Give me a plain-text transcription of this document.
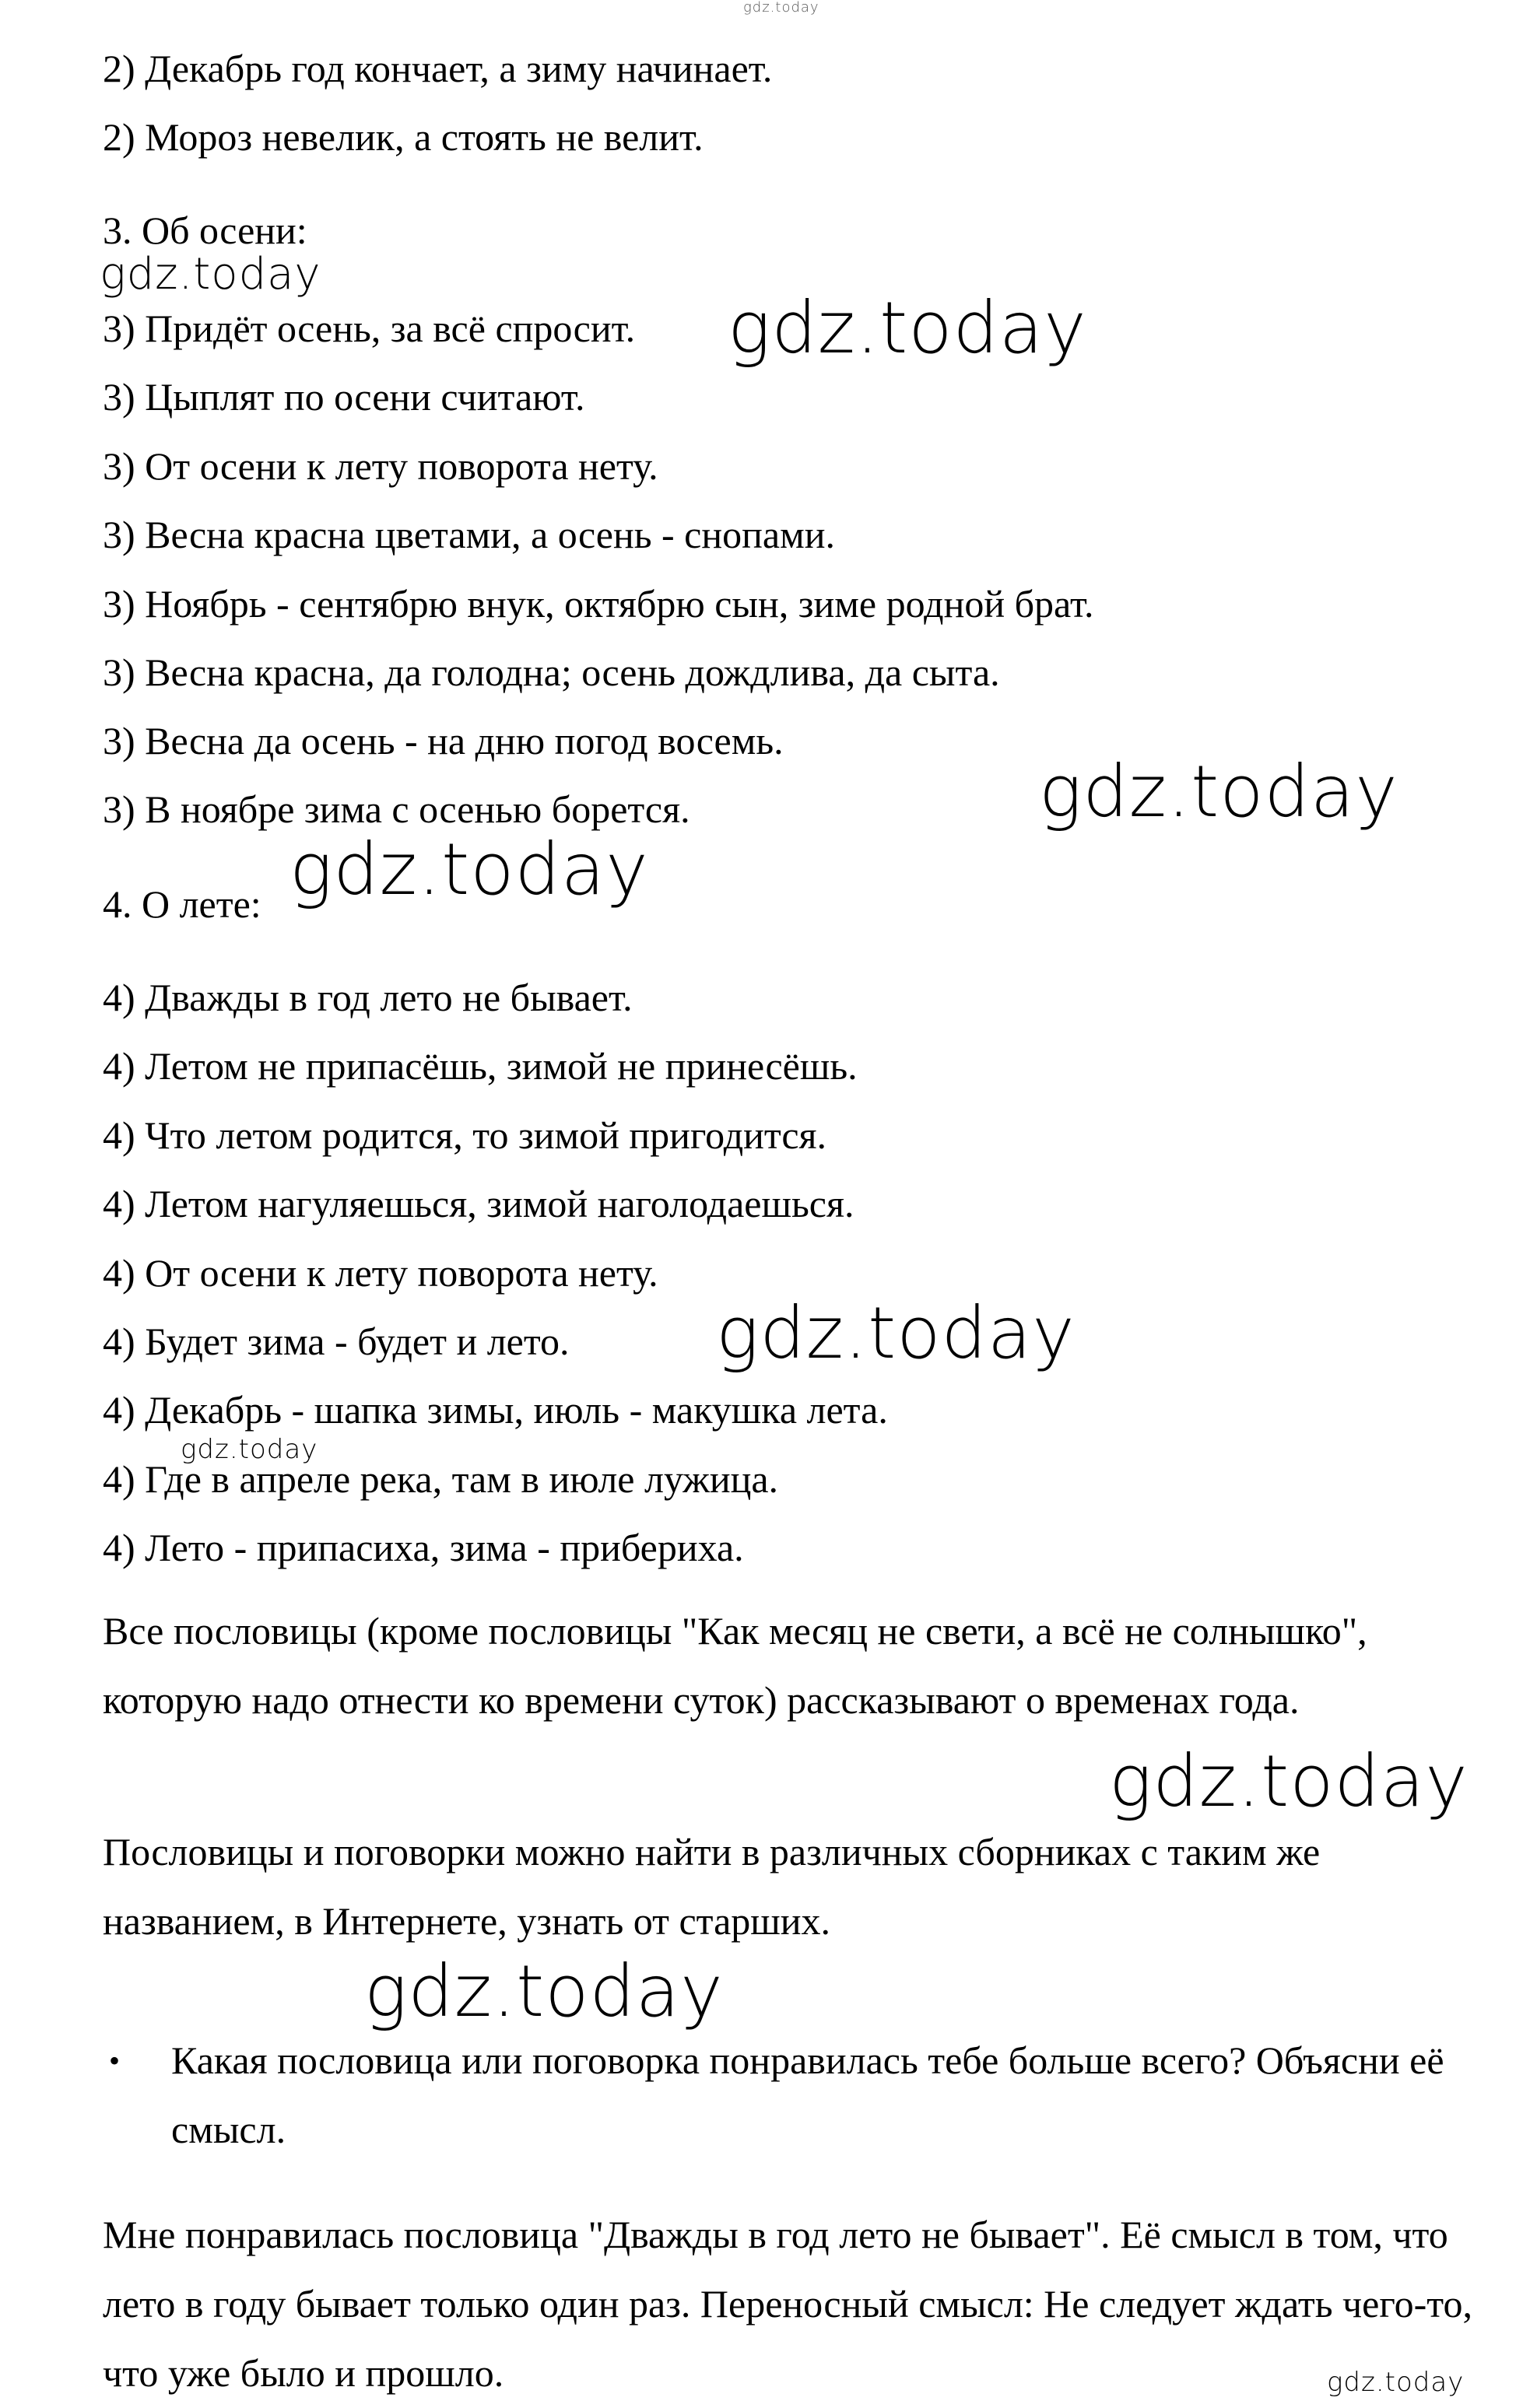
gdz.today
2) Декабрь год кончает, а зиму начинает.
2) Мороз невелик, а стоять не велит.
3. Об осени:
gdz.today
3) Придёт осень, за всё спросит. gdz.today
3) Цыплят по осени считают.
3) От осени к лету поворота нету.
3) Весна красна цветами, а осень - снопами.
3) Ноябрь - сентябрю внук, октябрю сын, зиме родной брат.
3) Весна красна, да голодна; осень дождлива, да сыта.
3) Весна да осень - на дню погод восемь.
gdz.today
3) В ноябре зима с осенью борется.
4. О лете: gdz.today
4) Дважды в год лето не бывает.
4) Летом не припасёшь, зимой не принесёшь.
4) Что летом родится, то зимой пригодится.
4) Летом нагуляешься, зимой наголодаешься.
4) От осени к лету поворота нету.
4) Будет зима - будет и лето. gdz.today
4) Декабрь - шапка зимы, июль - макушка лета.
gdz.today
4) Где в апреле река, там в июле лужица.
4) Лето - припасиха, зима - прибериха.
Все пословицы (кроме пословицы "Как месяц не свети, а всё не солнышко", которую надо отнести ко времени суток) рассказывают о временах года.
gdz.today
Пословицы и поговорки можно найти в различных сборниках с таким же названием, в Интернете, узнать от старших.
gdz.today
• Какая пословица или поговорка понравилась тебе больше всего? Объясни её смысл.
Мне понравилась пословица "Дважды в год лето не бывает". Её смысл в том, что лето в году бывает только один раз. Переносный смысл: Не следует ждать чего-то, что уже было и прошло.	gdz.today
